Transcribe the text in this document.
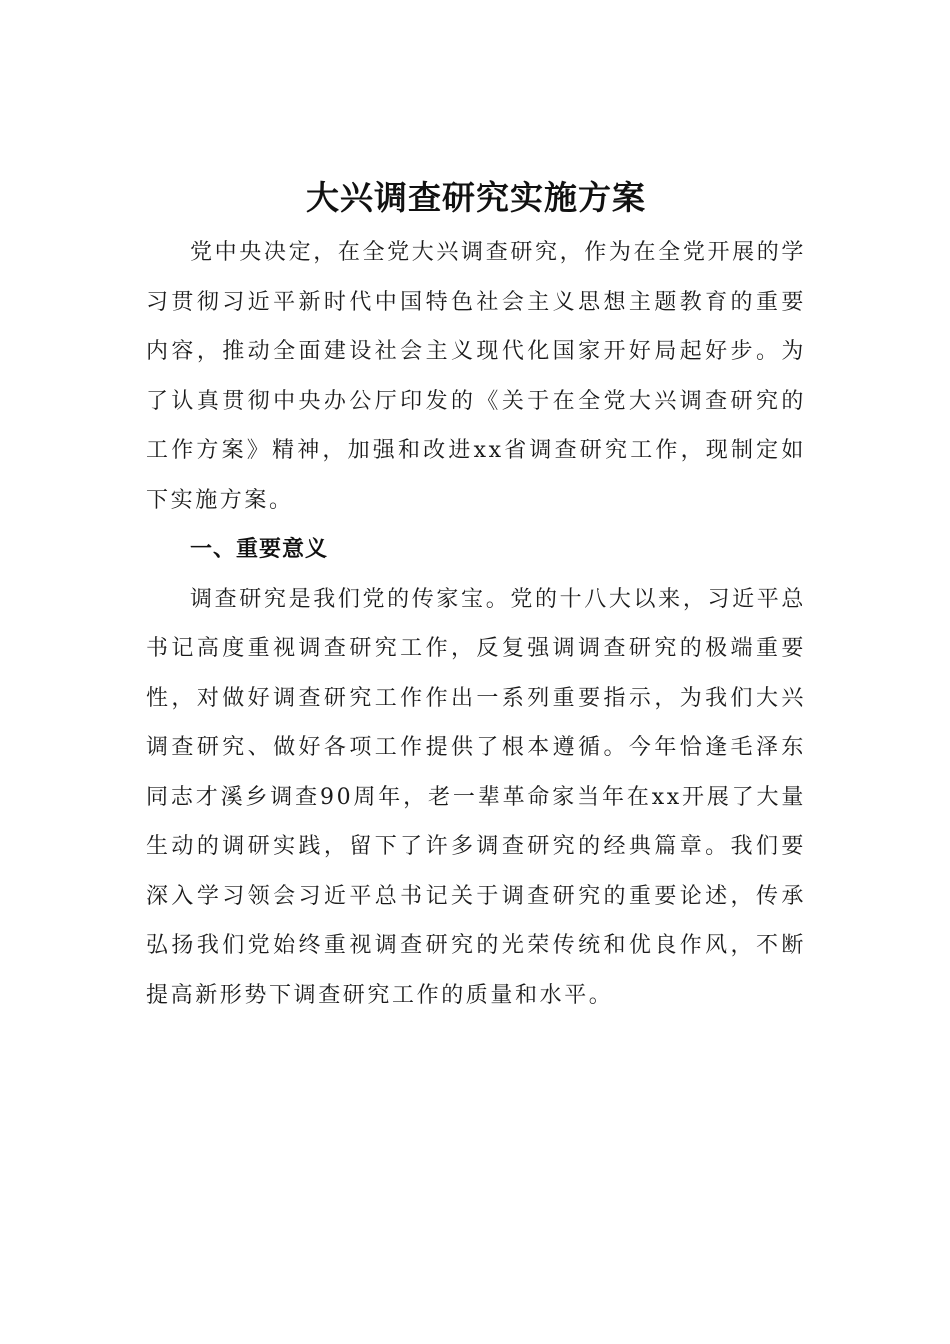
大兴调查研究实施方案

党中央决定，在全党大兴调查研究，作为在全党开展的学习贯彻习近平新时代中国特色社会主义思想主题教育的重要内容，推动全面建设社会主义现代化国家开好局起好步。为了认真贯彻中央办公厅印发的《关于在全党大兴调查研究的工作方案》精神，加强和改进xx省调查研究工作，现制定如下实施方案。

一、重要意义

调查研究是我们党的传家宝。党的十八大以来，习近平总书记高度重视调查研究工作，反复强调调查研究的极端重要性，对做好调查研究工作作出一系列重要指示，为我们大兴调查研究、做好各项工作提供了根本遵循。今年恰逢毛泽东同志才溪乡调查90周年，老一辈革命家当年在xx开展了大量生动的调研实践，留下了许多调查研究的经典篇章。我们要深入学习领会习近平总书记关于调查研究的重要论述，传承弘扬我们党始终重视调查研究的光荣传统和优良作风，不断提高新形势下调查研究工作的质量和水平。
